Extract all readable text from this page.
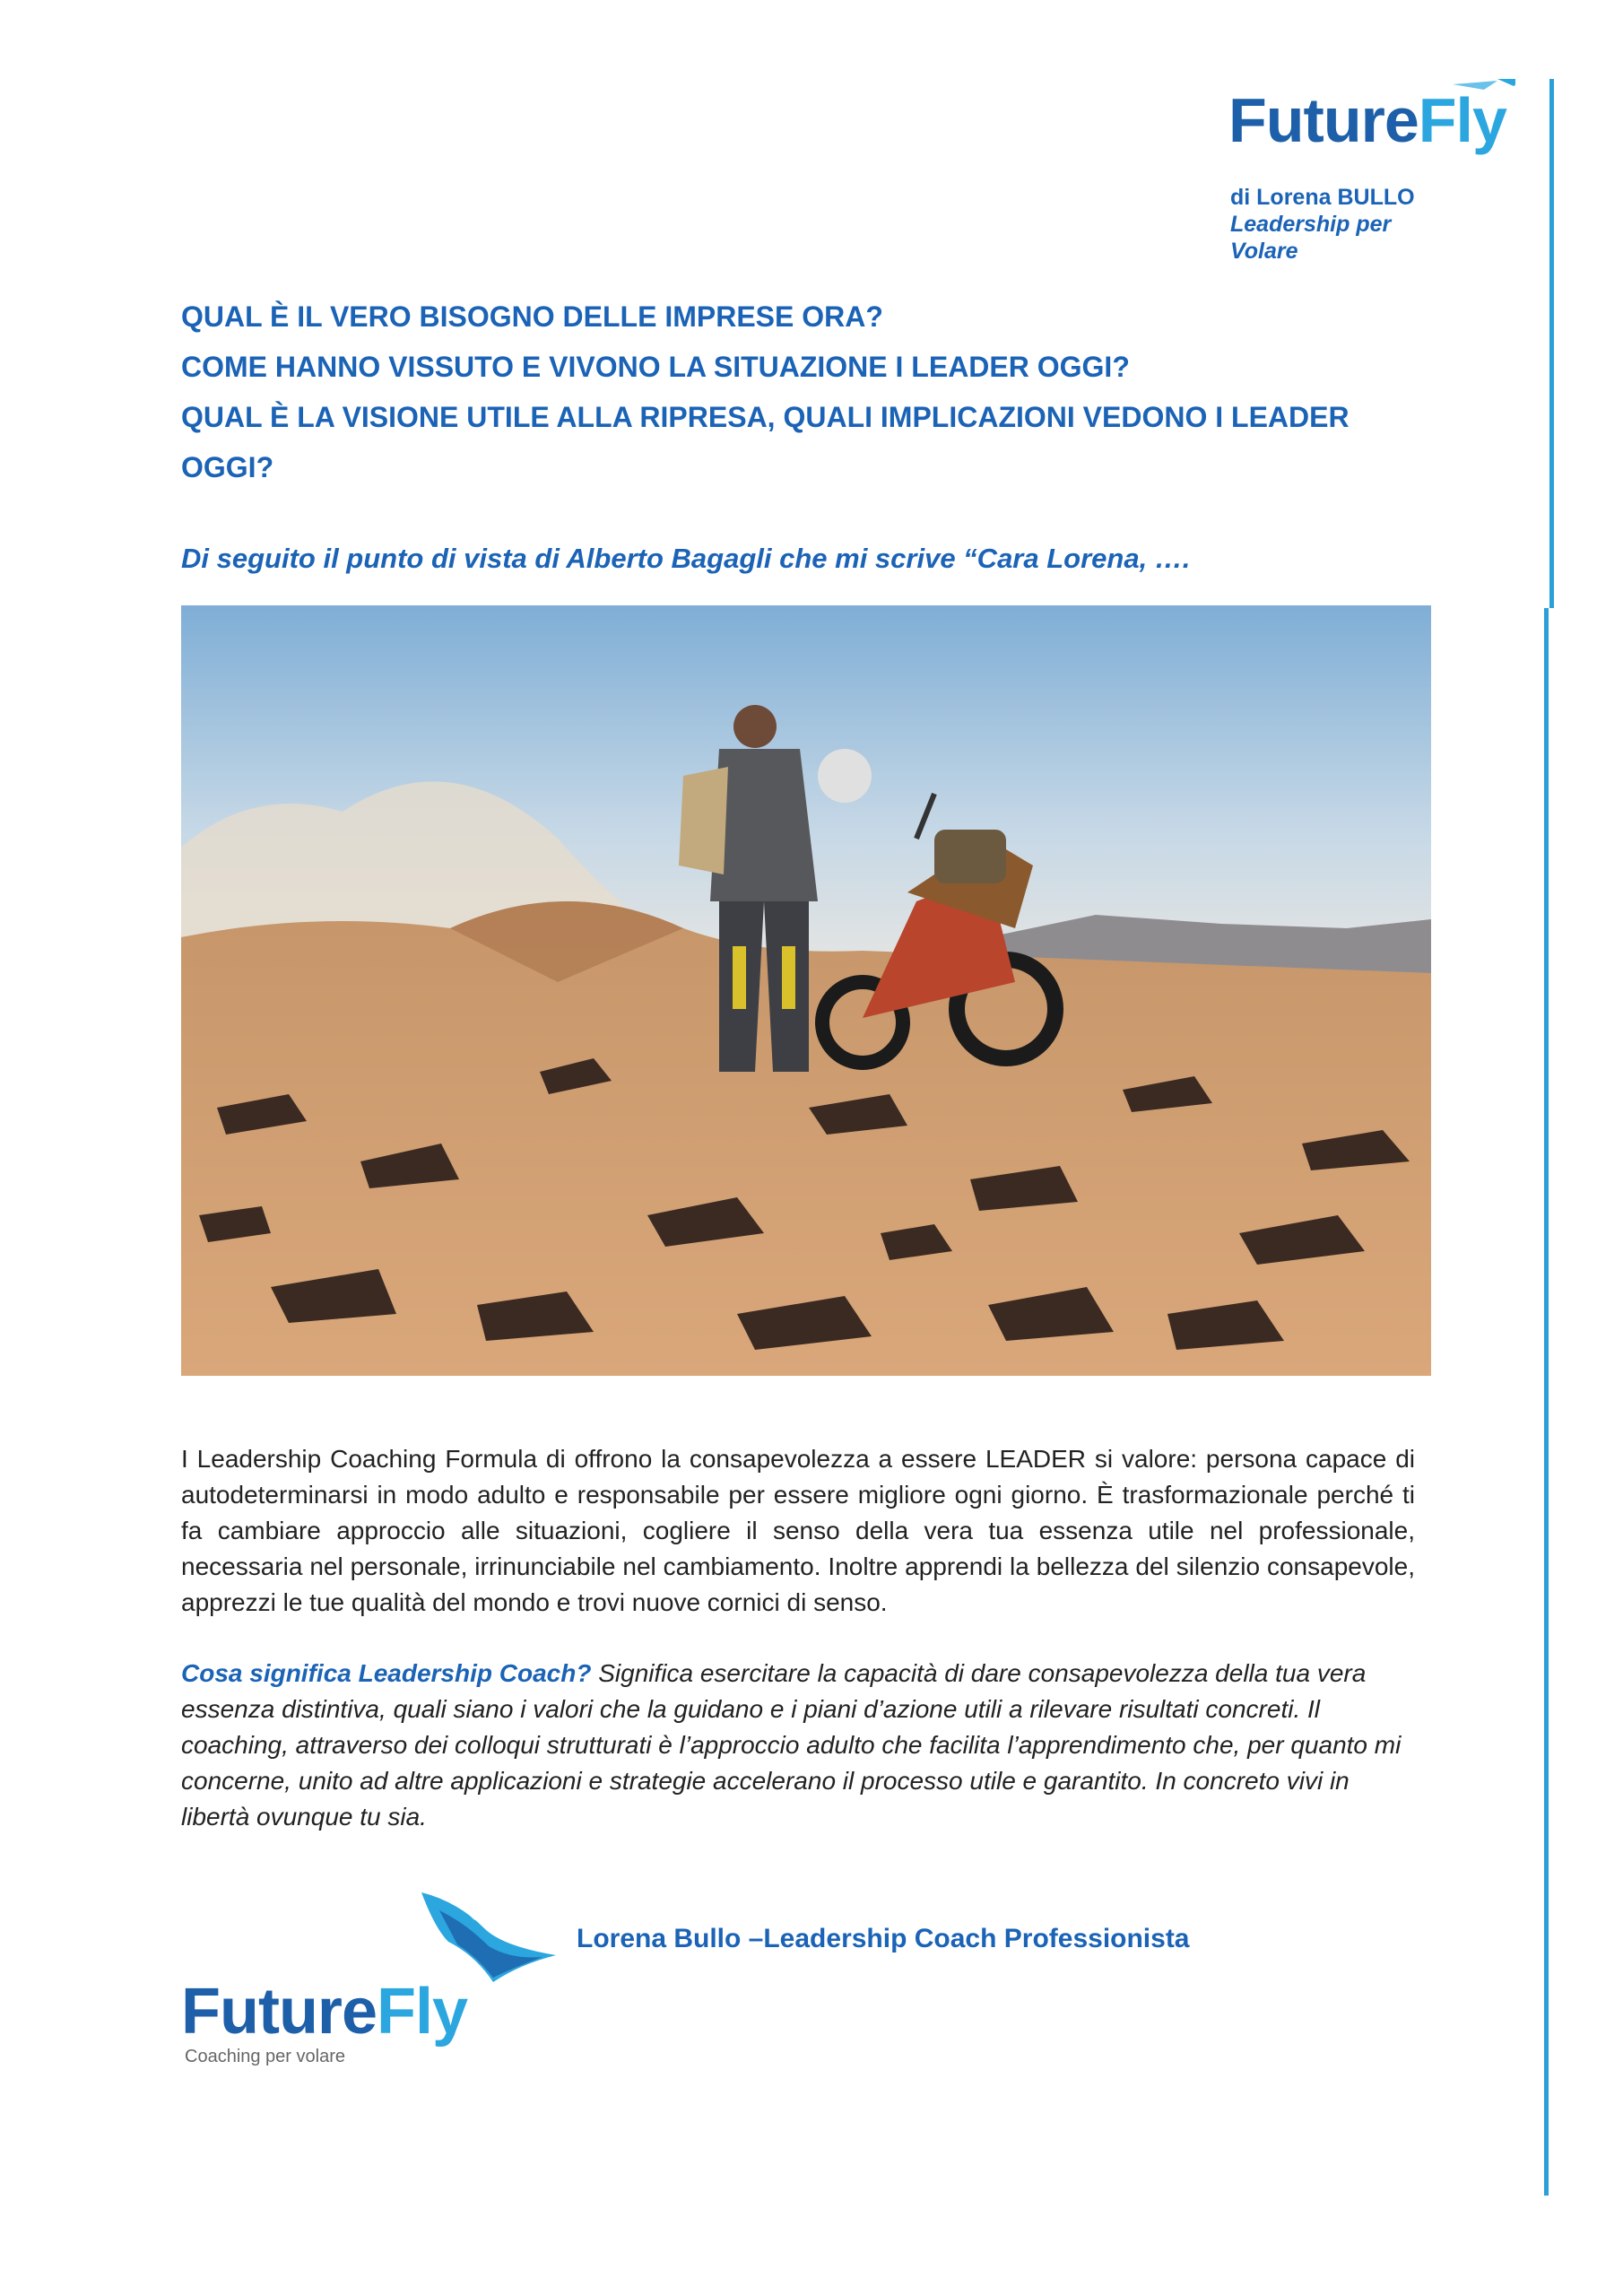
FutureFly
di Lorena BULLO
Leadership per Volare
QUAL È IL VERO BISOGNO DELLE IMPRESE ORA?
COME HANNO VISSUTO E VIVONO LA SITUAZIONE I LEADER OGGI?
QUAL È LA VISIONE UTILE ALLA RIPRESA, QUALI IMPLICAZIONI VEDONO I LEADER
OGGI?
Di seguito il punto di vista di Alberto Bagagli che mi scrive “Cara Lorena, ….
I Leadership Coaching Formula di offrono la consapevolezza a essere LEADER si valore: persona capace di autodeterminarsi in modo adulto e responsabile per essere migliore ogni giorno. È trasformazionale perché ti fa cambiare approccio alle situazioni, cogliere il senso della vera tua essenza utile nel professionale, necessaria nel personale, irrinunciabile nel cambiamento. Inoltre apprendi la bellezza del silenzio consapevole, apprezzi le tue qualità del mondo e trovi nuove cornici di senso.
Cosa significa Leadership Coach? Significa esercitare la capacità di dare consapevolezza della tua vera essenza distintiva, quali siano i valori che la guidano e i piani d’azione utili a rilevare risultati concreti. Il coaching, attraverso dei colloqui strutturati è l’approccio adulto che facilita l’apprendimento che, per quanto mi concerne, unito ad altre applicazioni e strategie accelerano il processo utile e garantito. In concreto vivi in libertà ovunque tu sia.
Lorena Bullo –Leadership Coach Professionista
FutureFly
Coaching per volare
